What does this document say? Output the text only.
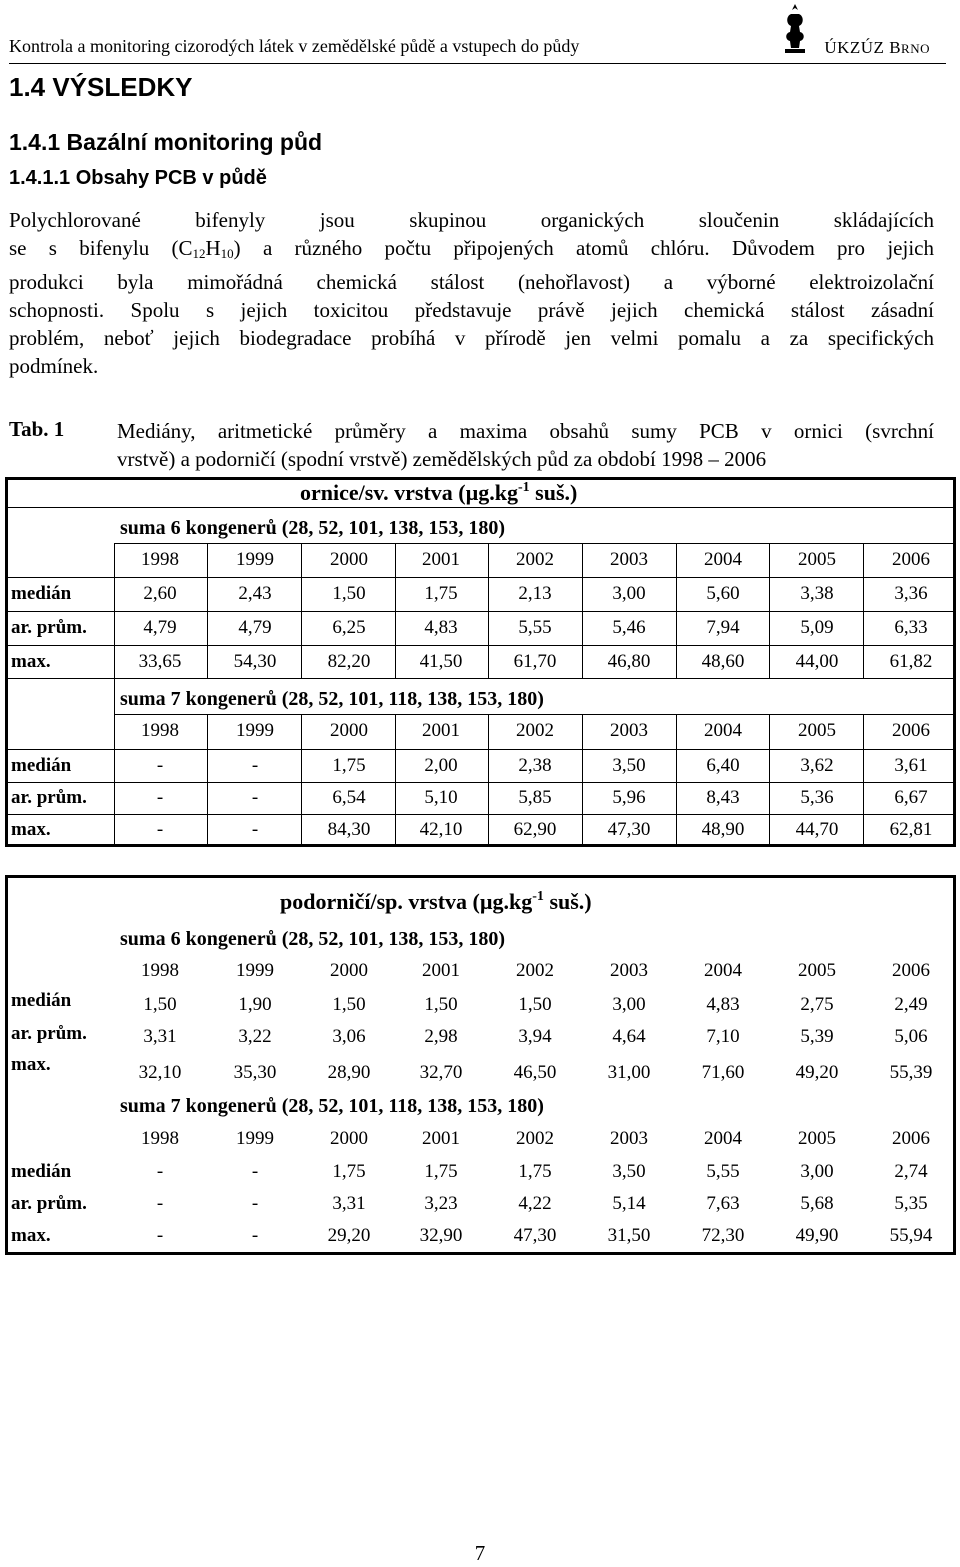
Kontrola a monitoring cizorodých látek v zemědělské půdě a vstupech do půdy	ÚKZÚZ BRNO
1.4 VÝSLEDKY
1.4.1 Bazální monitoring půd
1.4.1.1 Obsahy PCB v půdě
Polychlorované bifenyly jsou skupinou organických sloučenin skládajících
se s bifenylu $(C_{12}H_{10})$ a různého počtu připojených atomů chlóru. Důvodem pro jejich
produkci byla mimořádná chemická stálost (nehořlavost) a výborné elektroizolační
schopnosti. Spolu s jejich toxicitou představuje právě jejich chemická stálost zásadní
problém, neboť jejich biodegradace probíhá v přírodě jen velmi pomalu a za specifických
podmínek.
Tab. 1	Mediány, aritmetické průměry a maxima obsahů sumy PCB v ornici (svrchní
vrstvě) a podorničí (spodní vrstvě) zemědělských půd za období 1998 – 2006
ornice/sv. vrstva ($\mu g.kg^{-1}$ suš.)
suma 6 kongenerů (28, 52, 101, 138, 153, 180)
suma 7 kongenerů (28, 52, 101, 118, 138, 153, 180)
1998	1999	2000	2001	2002	2003	2004	2005	2006
medián	2,60	2,43	1,50	1,75	2,13	3,00	5,60	3,38	3,36
ar. prům.	4,79	4,79	6,25	4,83	5,55	5,46	7,94	5,09	6,33
max.	33,65	54,30	82,20	41,50	61,70	46,80	48,60	44,00	61,82
1998	1999	2000	2001	2002	2003	2004	2005	2006
medián	-	-	1,75	2,00	2,38	3,50	6,40	3,62	3,61
ar. prům.	-	-	6,54	5,10	5,85	5,96	8,43	5,36	6,67
max.	-	-	84,30	42,10	62,90	47,30	48,90	44,70	62,81
podorničí/sp. vrstva ($\mu g.kg^{-1}$ suš.)
suma 6 kongenerů (28, 52, 101, 138, 153, 180)
suma 7 kongenerů (28, 52, 101, 118, 138, 153, 180)
1998	1999	2000	2001	2002	2003	2004	2005	2006
medián	1,50	1,90	1,50	1,50	1,50	3,00	4,83	2,75	2,49
ar. prům.	3,31	3,22	3,06	2,98	3,94	4,64	7,10	5,39	5,06
max.	32,10	35,30	28,90	32,70	46,50	31,00	71,60	49,20	55,39
1998	1999	2000	2001	2002	2003	2004	2005	2006
medián	-	-	1,75	1,75	1,75	3,50	5,55	3,00	2,74
ar. prům.	-	-	3,31	3,23	4,22	5,14	7,63	5,68	5,35
max.	-	-	29,20	32,90	47,30	31,50	72,30	49,90	55,94
7
